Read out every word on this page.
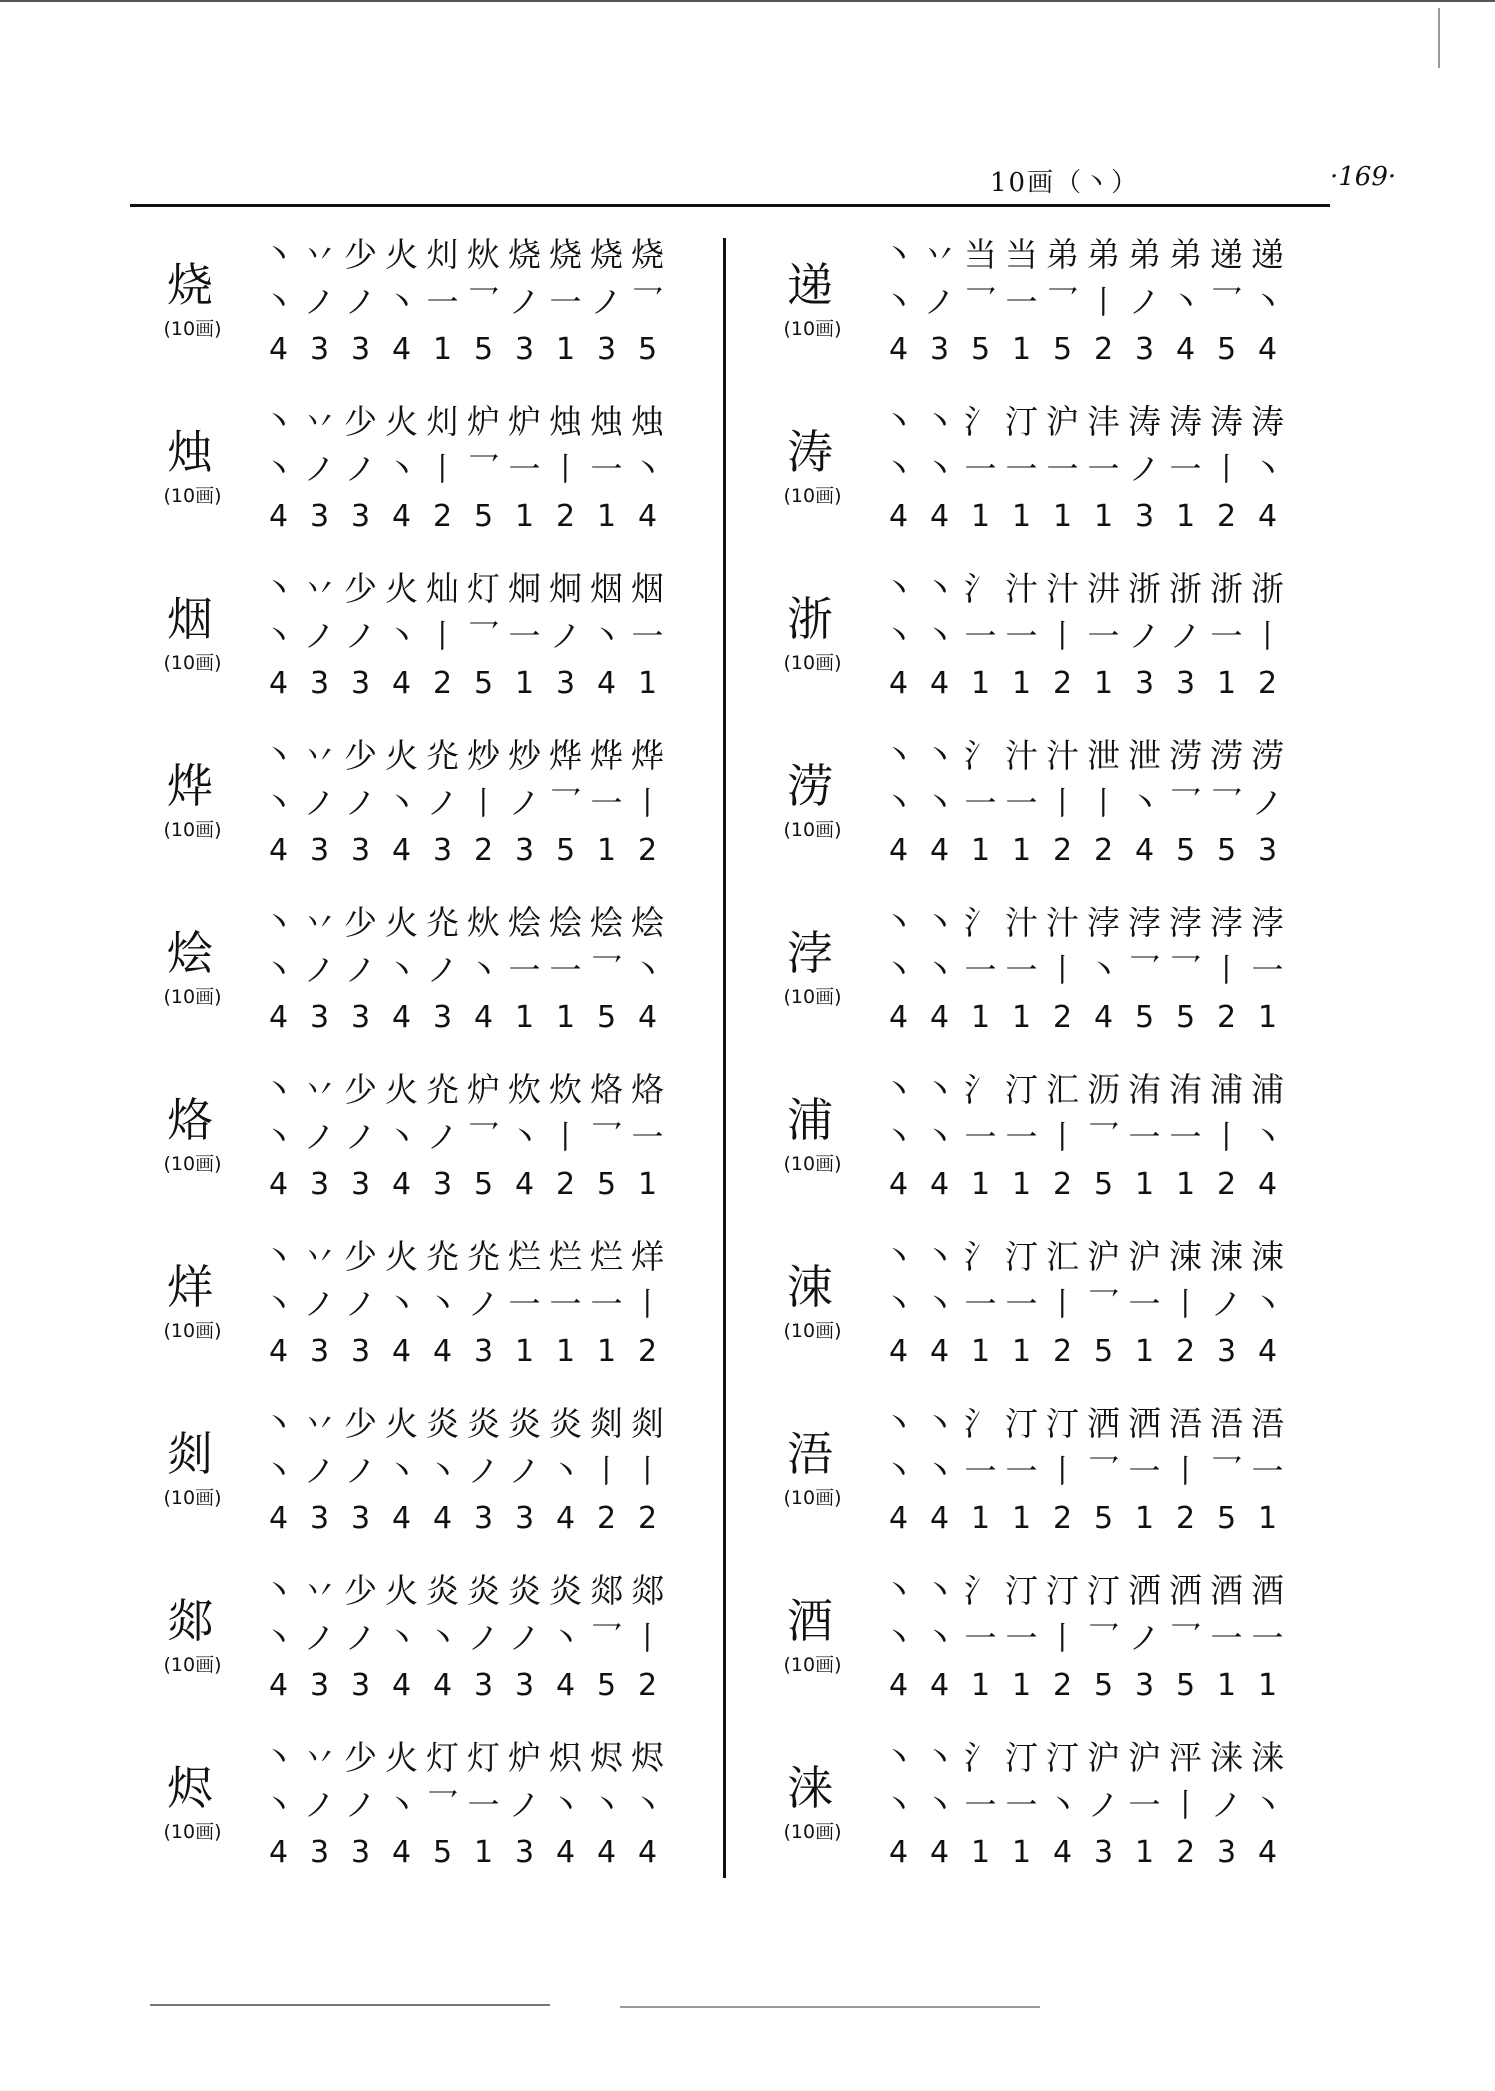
10画（丶）	·169·
烧
(10画)
丶 丷 少 火 灲 炏 烧 烧 烧 烧
丶 ノ ノ 丶 一 乛 ノ 一 ノ 乛
4 3 3 4 1 5 3 1 3 5
烛
(10画)
丶 丷 少 火 灲 炉 炉 烛 烛 烛
丶 ノ ノ 丶 丨 乛 一 丨 一 丶
4 3 3 4 2 5 1 2 1 4
烟
(10画)
丶 丷 少 火 灿 灯 炯 炯 烟 烟
丶 ノ ノ 丶 丨 乛 一 ノ 丶 一
4 3 3 4 2 5 1 3 4 1
烨
(10画)
丶 丷 少 火 灮 炒 炒 烨 烨 烨
丶 ノ ノ 丶 ノ 丨 ノ 乛 一 丨
4 3 3 4 3 2 3 5 1 2
烩
(10画)
丶 丷 少 火 灮 炏 烩 烩 烩 烩
丶 ノ ノ 丶 ノ 丶 一 一 乛 丶
4 3 3 4 3 4 1 1 5 4
烙
(10画)
丶 丷 少 火 灮 炉 炊 炊 烙 烙
丶 ノ ノ 丶 ノ 乛 丶 丨 乛 一
4 3 3 4 3 5 4 2 5 1
烊
(10画)
丶 丷 少 火 灮 灮 烂 烂 烂 烊
丶 ノ ノ 丶 丶 ノ 一 一 一 丨
4 3 3 4 4 3 1 1 1 2
剡
(10画)
丶 丷 少 火 炎 炎 炎 炎 剡 剡
丶 ノ ノ 丶 丶 ノ ノ 丶 丨 丨
4 3 3 4 4 3 3 4 2 2
郯
(10画)
丶 丷 少 火 炎 炎 炎 炎 郯 郯
丶 ノ ノ 丶 丶 ノ ノ 丶 乛 丨
4 3 3 4 4 3 3 4 5 2
烬
(10画)
丶 丷 少 火 灯 灯 炉 炽 烬 烬
丶 ノ ノ 丶 乛 一 ノ 丶 丶 丶
4 3 3 4 5 1 3 4 4 4
递
(10画)
丶 丷 当 当 弟 弟 弟 弟 递 递
丶 ノ 乛 一 乛 丨 ノ 丶 乛 丶
4 3 5 1 5 2 3 4 5 4
涛
(10画)
丶 丶 氵 汀 沪 沣 涛 涛 涛 涛
丶 丶 一 一 一 一 ノ 一 丨 丶
4 4 1 1 1 1 3 1 2 4
浙
(10画)
丶 丶 氵 汁 汁 汫 浙 浙 浙 浙
丶 丶 一 一 丨 一 ノ ノ 一 丨
4 4 1 1 2 1 3 3 1 2
涝
(10画)
丶 丶 氵 汁 汁 泄 泄 涝 涝 涝
丶 丶 一 一 丨 丨 丶 乛 乛 ノ
4 4 1 1 2 2 4 5 5 3
浡
(10画)
丶 丶 氵 汁 汁 浡 浡 浡 浡 浡
丶 丶 一 一 丨 丶 乛 乛 丨 一
4 4 1 1 2 4 5 5 2 1
浦
(10画)
丶 丶 氵 汀 汇 沥 洧 洧 浦 浦
丶 丶 一 一 丨 乛 一 一 丨 丶
4 4 1 1 2 5 1 1 2 4
涑
(10画)
丶 丶 氵 汀 汇 沪 沪 涑 涑 涑
丶 丶 一 一 丨 乛 一 丨 ノ 丶
4 4 1 1 2 5 1 2 3 4
浯
(10画)
丶 丶 氵 汀 汀 洒 洒 浯 浯 浯
丶 丶 一 一 丨 乛 一 丨 乛 一
4 4 1 1 2 5 1 2 5 1
酒
(10画)
丶 丶 氵 汀 汀 汀 洒 洒 酒 酒
丶 丶 一 一 丨 乛 ノ 乛 一 一
4 4 1 1 2 5 3 5 1 1
涞
(10画)
丶 丶 氵 汀 汀 沪 沪 泙 涞 涞
丶 丶 一 一 丶 ノ 一 丨 ノ 丶
4 4 1 1 4 3 1 2 3 4
